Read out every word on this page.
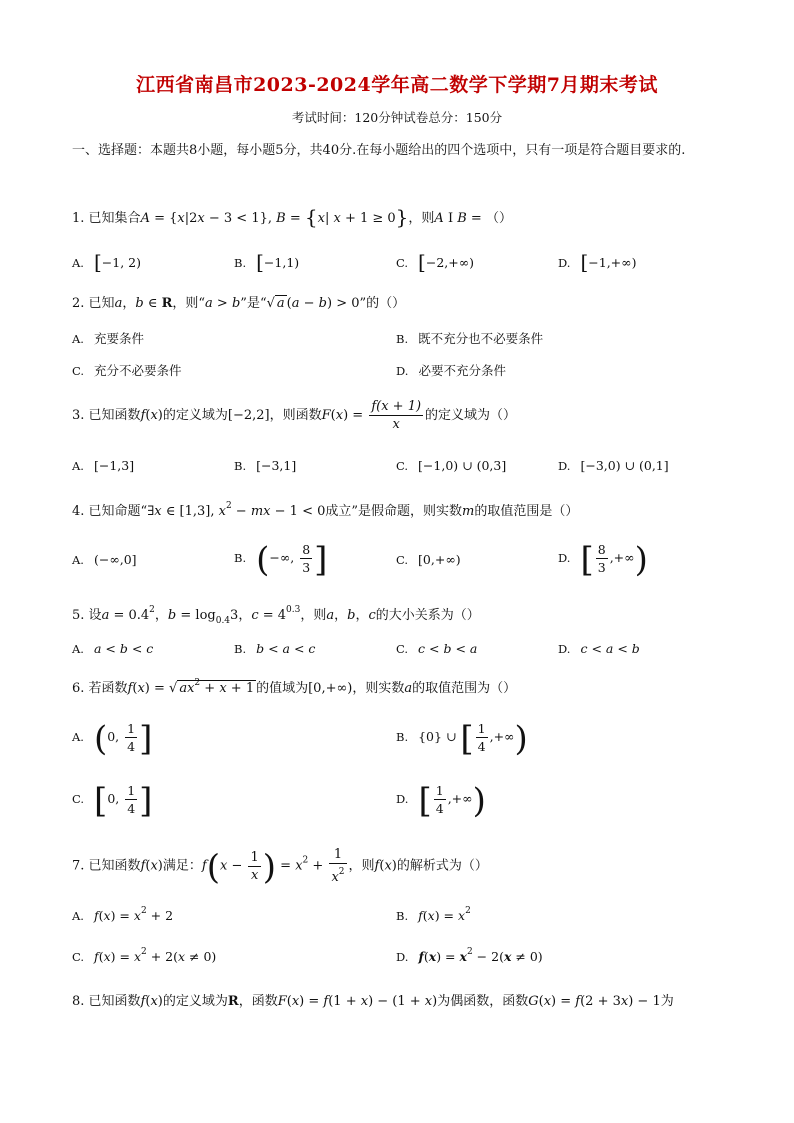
江西省南昌市2023-2024学年高二数学下学期7月期末考试
考试时间：120分钟试卷总分：150分
一、选择题：本题共8小题，每小题5分，共40分.在每小题给出的四个选项中，只有一项是符合题目要求的.
1. 已知集合A = {x|2x − 3 < 1}, B = {x| x + 1 ≥ 0}，则A I B = （）
A. [−1, 2)	B. [−1,1)	C. [−2,+∞)	D. [−1,+∞)
2. 已知a，b ∈ R，则“a > b”是“√ a (a − b) > 0”的（）
A. 充要条件	B. 既不充分也不必要条件
C. 充分不必要条件	D. 必要不充分条件
3. 已知函数f(x)的定义域为[−2,2]，则函数$F(x) = \frac{f(x + 1)}{x}$ 的定义域为（）
A. [−1,3]	B. [−3,1]	C. [−1,0) ∪ (0,3]	D. [−3,0) ∪ (0,1]
4. 已知命题“∃x ∈ [1,3], $x^2$ − mx − 1 < 0成立”是假命题，则实数m的取值范围是（）
A. (−∞,0]	B. (−∞, $\frac{8}{3}$ ]	C. [0,+∞)	D. [ $\frac{8}{3}$ ,+∞)
5. 设$a = 0.4^2$，$b = \log_{0.4}3$，$c = 4^{0.3}$，则a，b，c的大小关系为（）
A. a < b < c	B. b < a < c	C. c < b < a	D. c < a < b
6. 若函数f(x) = √ $ax^2 + x + 1$ 的值域为[0,+∞)，则实数a的取值范围为（）
A. (0, $\frac{1}{4}$ ]	B. {0} ∪ [ $\frac{1}{4}$ ,+∞)
C. [0, $\frac{1}{4}$ ]	D. [ $\frac{1}{4}$ ,+∞)
7. 已知函数f(x)满足：$f(x - \frac{1}{x}$ ) = $x^2 + \frac{1}{x^2}$ ，则f(x)的解析式为（）
A. $f(x) = x^2 + 2$	B. $f(x) = x^2$
C. $f(x) = x^2 + 2(x \ne 0)$	D. $f(x) = x^2 - 2(x \ne 0)$
8. 已知函数f(x)的定义域为R，函数F(x) = f(1 + x) − (1 + x)为偶函数，函数G(x) = f(2 + 3x) − 1为
